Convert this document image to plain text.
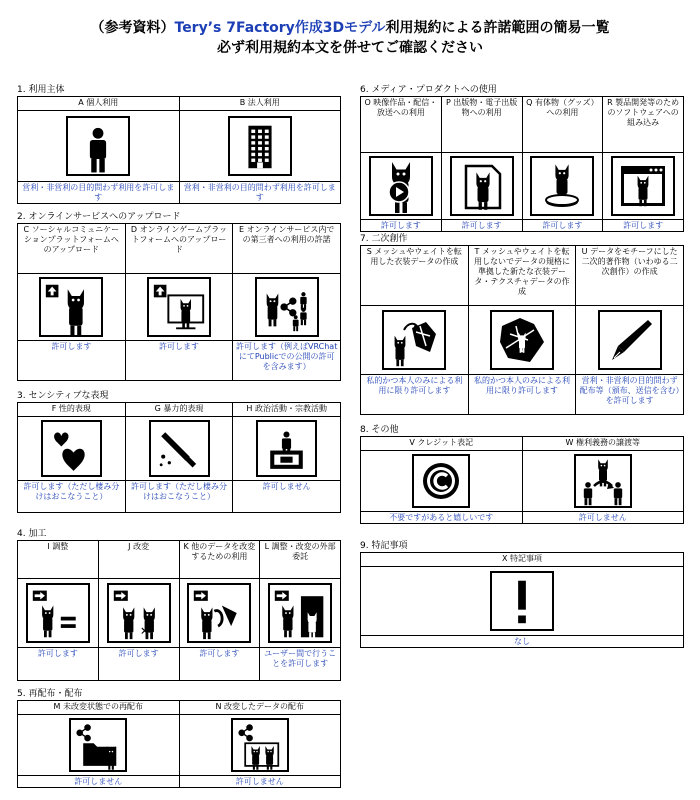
（参考資料）Tery’s 7Factory作成3Dモデル利用規約による許諾範囲の簡易一覧
必ず利用規約本文を併せてご確認ください
1. 利用主体
A 個人利用
営利・非営利の目的問わず利用を許可します
B 法人利用
営利・非営利の目的問わず利用を許可します
2. オンラインサービスへのアップロード
C ソーシャルコミュニケーションプラットフォームへのアップロード
許可します
D オンラインゲームプラットフォームへのアップロード
許可します
E オンラインサービス内での第三者への利用の許諾
許可します（例えばVRChatにてPublicでの公開の許可を含みます）
3. センシティブな表現
F 性的表現
許可します（ただし棲み分けはおこなうこと）
G 暴力的表現
許可します（ただし棲み分けはおこなうこと）
H 政治活動・宗教活動
許可しません
4. 加工
I 調整
許可します
J 改変
許可します
K 他のデータを改変するための利用
許可します
L 調整・改変の外部委託
ユーザー間で行うことを許可します
5. 再配布・配布
M 未改変状態での再配布
許可しません
N 改変したデータの配布
許可しません
6. メディア・プロダクトへの使用
O 映像作品・配信・放送への利用
許可します
P 出版物・電子出版物への利用
許可します
Q 有体物（グッズ）への利用
許可します
R 製品開発等のためのソフトウェアへの組み込み
許可します
7. 二次創作
S メッシュやウェイトを転用した衣装データの作成
私的かつ本人のみによる利用に限り許可します
T メッシュやウェイトを転用しないでデータの規格に準拠した新たな衣装データ・テクスチャデータの作成
私的かつ本人のみによる利用に限り許可します
U データをモチーフにした二次的著作物（いわゆる二次創作）の作成
営利・非営利の目的問わず配布等（頒布、送信を含む）を許可します
8. その他
V クレジット表記
不要ですがあると嬉しいです
W 権利義務の譲渡等
許可しません
9. 特記事項
X 特記事項
なし
